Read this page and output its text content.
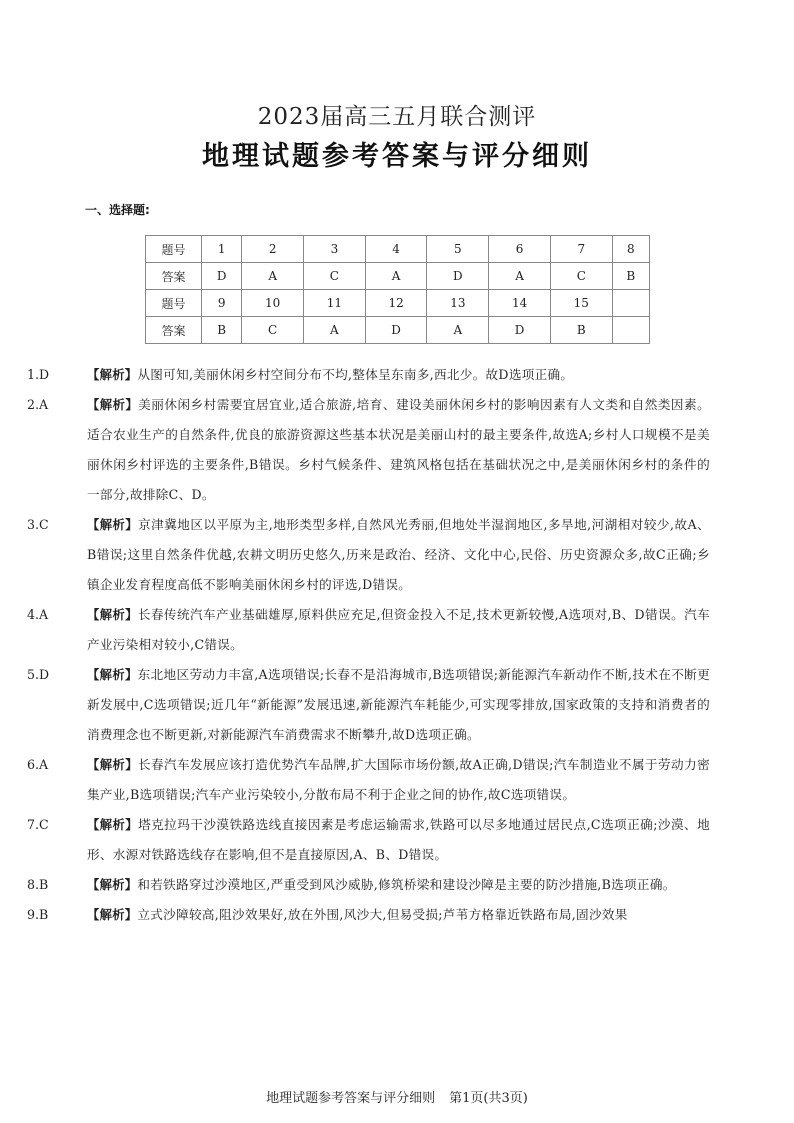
2023届高三五月联合测评
地理试题参考答案与评分细则
一、选择题:
题号	1	2	3	4	5	6	7	8
答案	D	A	C	A	D	A	C	B
题号	9	10	11	12	13	14	15	
答案	B	C	A	D	A	D	B	
1.D	【解析】从图可知,美丽休闲乡村空间分布不均,整体呈东南多,西北少。故D选项正确。
2.A	【解析】美丽休闲乡村需要宜居宜业,适合旅游,培育、建设美丽休闲乡村的影响因素有人文类和自然类因素。适合农业生产的自然条件,优良的旅游资源这些基本状况是美丽山村的最主要条件,故选A;乡村人口规模不是美丽休闲乡村评选的主要条件,B错误。乡村气候条件、建筑风格包括在基础状况之中,是美丽休闲乡村的条件的一部分,故排除C、D。
3.C	【解析】京津冀地区以平原为主,地形类型多样,自然风光秀丽,但地处半湿润地区,多旱地,河湖相对较少,故A、B错误;这里自然条件优越,农耕文明历史悠久,历来是政治、经济、文化中心,民俗、历史资源众多,故C正确;乡镇企业发育程度高低不影响美丽休闲乡村的评选,D错误。
4.A	【解析】长春传统汽车产业基础雄厚,原料供应充足,但资金投入不足,技术更新较慢,A选项对,B、D错误。汽车产业污染相对较小,C错误。
5.D	【解析】东北地区劳动力丰富,A选项错误;长春不是沿海城市,B选项错误;新能源汽车新动作不断,技术在不断更新发展中,C选项错误;近几年“新能源”发展迅速,新能源汽车耗能少,可实现零排放,国家政策的支持和消费者的消费理念也不断更新,对新能源汽车消费需求不断攀升,故D选项正确。
6.A	【解析】长春汽车发展应该打造优势汽车品牌,扩大国际市场份额,故A正确,D错误;汽车制造业不属于劳动力密集产业,B选项错误;汽车产业污染较小,分散布局不利于企业之间的协作,故C选项错误。
7.C	【解析】塔克拉玛干沙漠铁路选线直接因素是考虑运输需求,铁路可以尽多地通过居民点,C选项正确;沙漠、地形、水源对铁路选线存在影响,但不是直接原因,A、B、D错误。
8.B	【解析】和若铁路穿过沙漠地区,严重受到风沙威胁,修筑桥梁和建设沙障是主要的防沙措施,B选项正确。
9.B	【解析】立式沙障较高,阻沙效果好,放在外围,风沙大,但易受损;芦苇方格靠近铁路布局,固沙效果
地理试题参考答案与评分细则 第1页(共3页)
